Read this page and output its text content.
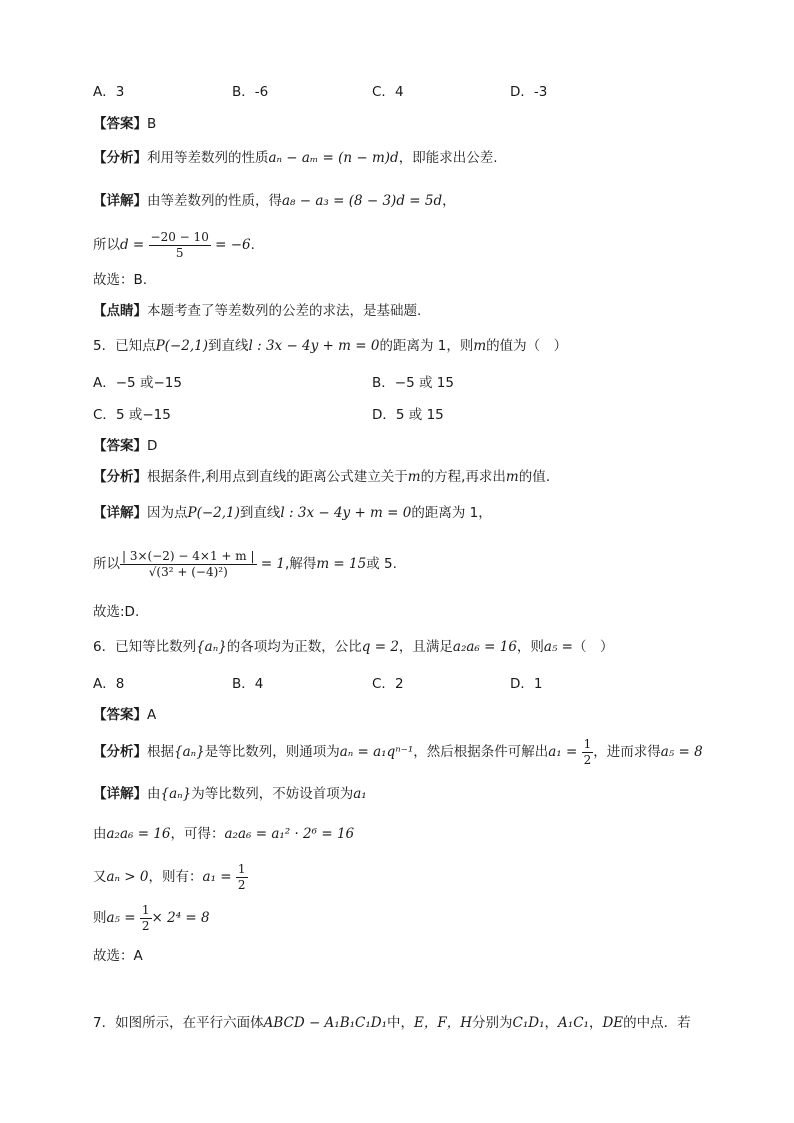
A．3	B．-6	C．4	D．-3
【答案】B
【分析】利用等差数列的性质aₙ − aₘ = (n − m)d，即能求出公差.
【详解】由等差数列的性质，得a₈ − a₃ = (8 − 3)d = 5d，
所以$d = \frac{-20 - 10}{5} = -6$.
故选：B.
【点睛】本题考查了等差数列的公差的求法，是基础题.
5．已知点P(−2,1)到直线l : 3x − 4y + m = 0的距离为 1，则m的值为（　）
A．−5 或−15	B．−5 或 15
C．5 或−15	D．5 或 15
【答案】D
【分析】根据条件,利用点到直线的距离公式建立关于m的方程,再求出m的值.
【详解】因为点P(−2,1)到直线l : 3x − 4y + m = 0的距离为 1，
所以 $\frac{| 3\times(-2) - 4\times 1 + m |}{\text{√(3² + (−4)²)}} = 1$,解得m = 15或 5.
故选:D.
6．已知等比数列{aₙ}的各项均为正数，公比q = 2，且满足a₂a₆ = 16，则a₅ =（　）
A．8	B．4	C．2	D．1
【答案】A
【分析】根据{aₙ}是等比数列，则通项为aₙ = a₁qⁿ⁻¹，然后根据条件可解出$a_1 = \frac{1}{2}$ ，进而求得a₅ = 8
【详解】由{aₙ}为等比数列，不妨设首项为a₁
由a₂a₆ = 16，可得：a₂a₆ = a₁² · 2⁶ = 16
又aₙ > 0，则有：$a_1 = \frac{1}{2}$
则$a_5 = \frac{1}{2} \times 2^4 = 8$
故选：A
7．如图所示，在平行六面体ABCD − A₁B₁C₁D₁中，E，F，H分别为C₁D₁，A₁C₁，DE的中点．若
